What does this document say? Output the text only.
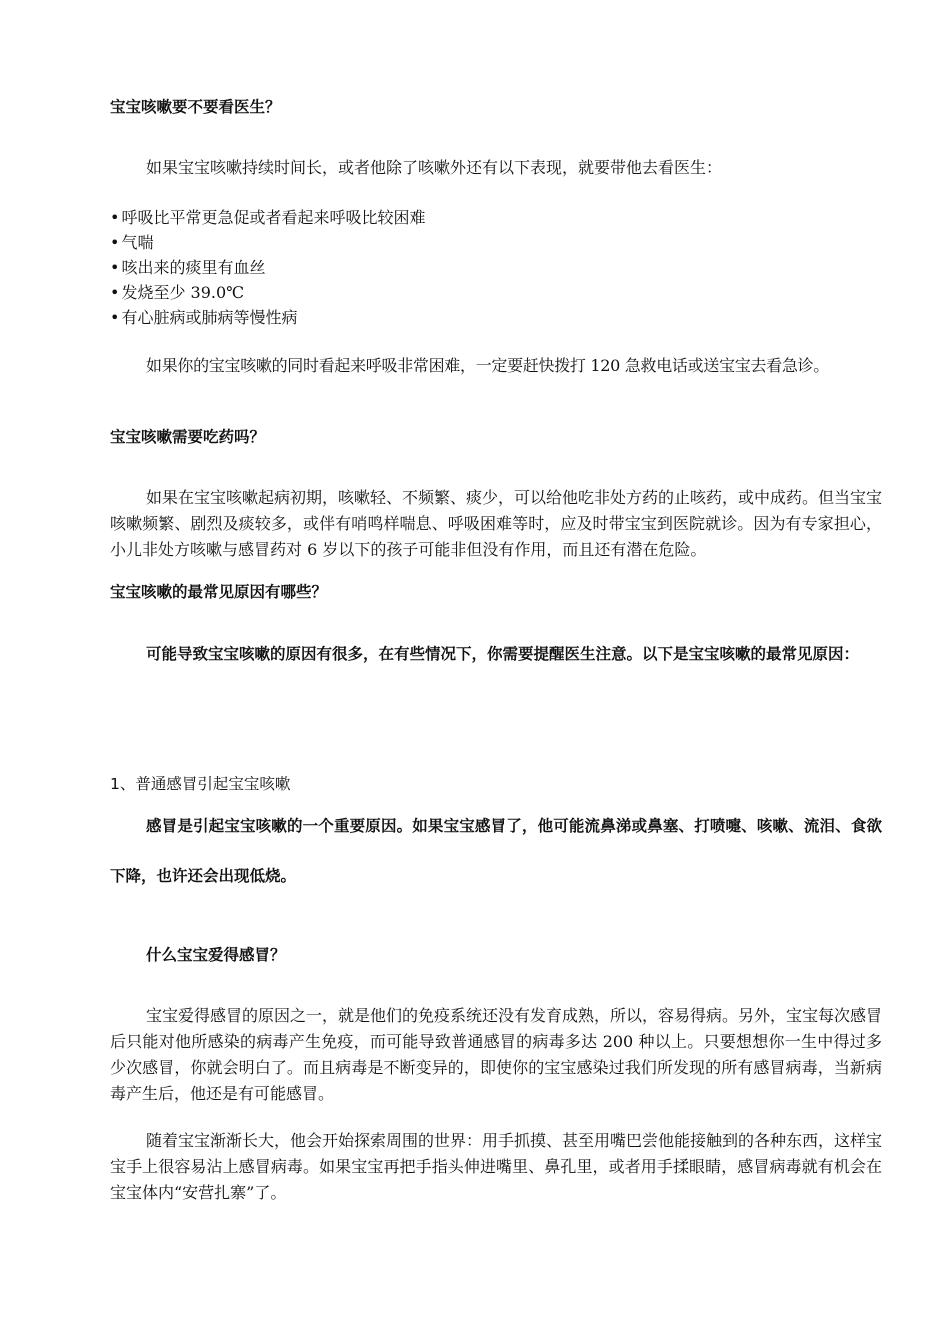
宝宝咳嗽要不要看医生？

如果宝宝咳嗽持续时间长，或者他除了咳嗽外还有以下表现，就要带他去看医生：

• 呼吸比平常更急促或者看起来呼吸比较困难
• 气喘
• 咳出来的痰里有血丝
• 发烧至少 39.0℃
• 有心脏病或肺病等慢性病

如果你的宝宝咳嗽的同时看起来呼吸非常困难，一定要赶快拨打 120 急救电话或送宝宝去看急诊。

宝宝咳嗽需要吃药吗？

如果在宝宝咳嗽起病初期，咳嗽轻、不频繁、痰少，可以给他吃非处方药的止咳药，或中成药。但当宝宝咳嗽频繁、剧烈及痰较多，或伴有哨鸣样喘息、呼吸困难等时，应及时带宝宝到医院就诊。因为有专家担心，小儿非处方咳嗽与感冒药对 6 岁以下的孩子可能非但没有作用，而且还有潜在危险。

宝宝咳嗽的最常见原因有哪些？

可能导致宝宝咳嗽的原因有很多，在有些情况下，你需要提醒医生注意。以下是宝宝咳嗽的最常见原因：

1、普通感冒引起宝宝咳嗽

感冒是引起宝宝咳嗽的一个重要原因。如果宝宝感冒了，他可能流鼻涕或鼻塞、打喷嚏、咳嗽、流泪、食欲下降，也许还会出现低烧。

什么宝宝爱得感冒？

宝宝爱得感冒的原因之一，就是他们的免疫系统还没有发育成熟，所以，容易得病。另外，宝宝每次感冒后只能对他所感染的病毒产生免疫，而可能导致普通感冒的病毒多达 200 种以上。只要想想你一生中得过多少次感冒，你就会明白了。而且病毒是不断变异的，即使你的宝宝感染过我们所发现的所有感冒病毒，当新病毒产生后，他还是有可能感冒。

随着宝宝渐渐长大，他会开始探索周围的世界：用手抓摸、甚至用嘴巴尝他能接触到的各种东西，这样宝宝手上很容易沾上感冒病毒。如果宝宝再把手指头伸进嘴里、鼻孔里，或者用手揉眼睛，感冒病毒就有机会在宝宝体内“安营扎寨”了。
